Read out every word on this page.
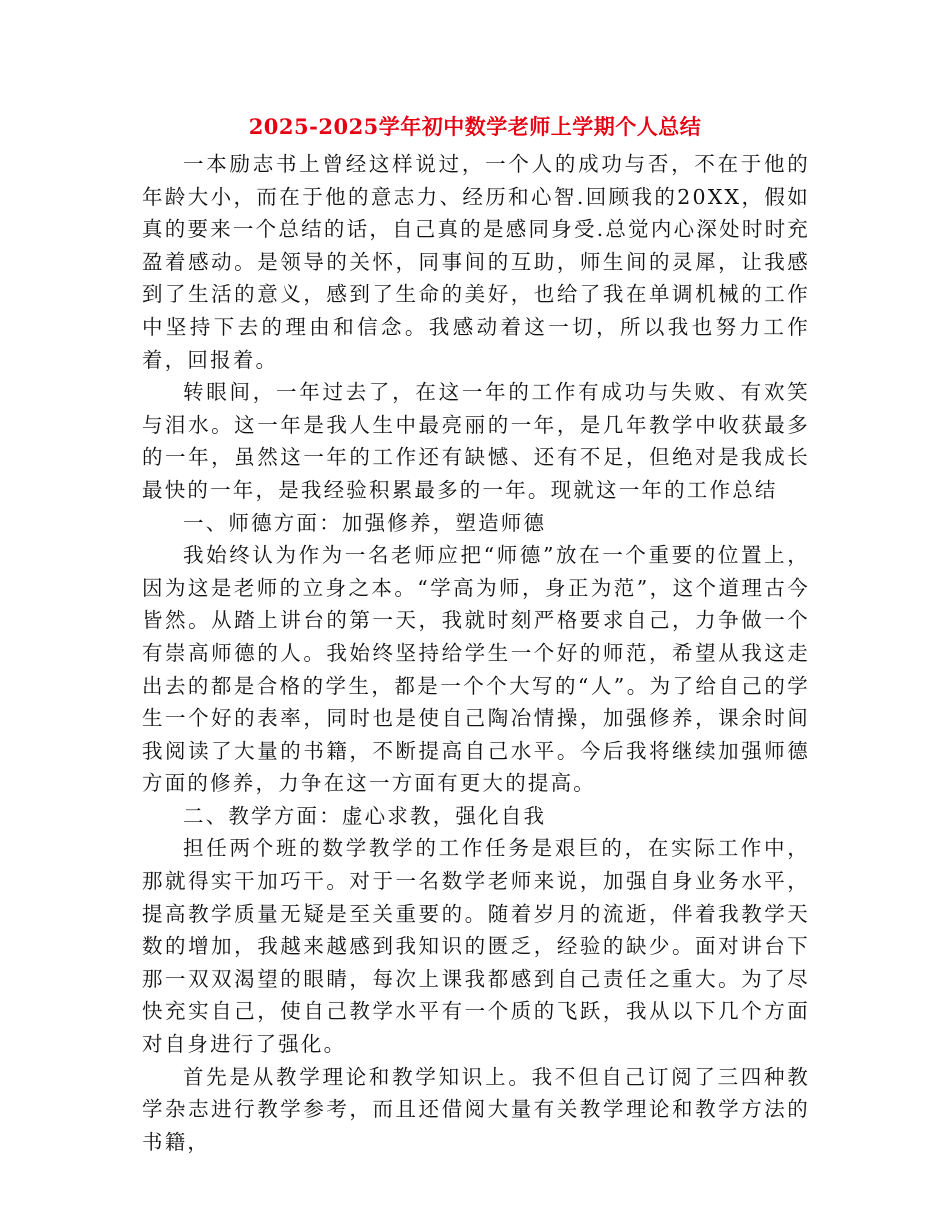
2025-2025学年初中数学老师上学期个人总结

一本励志书上曾经这样说过，一个人的成功与否，不在于他的年龄大小，而在于他的意志力、经历和心智.回顾我的20XX，假如真的要来一个总结的话，自己真的是感同身受.总觉内心深处时时充盈着感动。是领导的关怀，同事间的互助，师生间的灵犀，让我感到了生活的意义，感到了生命的美好，也给了我在单调机械的工作中坚持下去的理由和信念。我感动着这一切，所以我也努力工作着，回报着。

转眼间，一年过去了，在这一年的工作有成功与失败、有欢笑与泪水。这一年是我人生中最亮丽的一年，是几年教学中收获最多的一年，虽然这一年的工作还有缺憾、还有不足，但绝对是我成长最快的一年，是我经验积累最多的一年。现就这一年的工作总结

一、师德方面：加强修养，塑造师德

我始终认为作为一名老师应把“师德”放在一个重要的位置上，因为这是老师的立身之本。“学高为师，身正为范”，这个道理古今皆然。从踏上讲台的第一天，我就时刻严格要求自己，力争做一个有崇高师德的人。我始终坚持给学生一个好的师范，希望从我这走出去的都是合格的学生，都是一个个大写的“人”。为了给自己的学生一个好的表率，同时也是使自己陶冶情操，加强修养，课余时间我阅读了大量的书籍，不断提高自己水平。今后我将继续加强师德方面的修养，力争在这一方面有更大的提高。

二、教学方面：虚心求教，强化自我

担任两个班的数学教学的工作任务是艰巨的，在实际工作中，那就得实干加巧干。对于一名数学老师来说，加强自身业务水平，提高教学质量无疑是至关重要的。随着岁月的流逝，伴着我教学天数的增加，我越来越感到我知识的匮乏，经验的缺少。面对讲台下那一双双渴望的眼睛，每次上课我都感到自己责任之重大。为了尽快充实自己，使自己教学水平有一个质的飞跃，我从以下几个方面对自身进行了强化。

首先是从教学理论和教学知识上。我不但自己订阅了三四种教学杂志进行教学参考，而且还借阅大量有关教学理论和教学方法的书籍，
